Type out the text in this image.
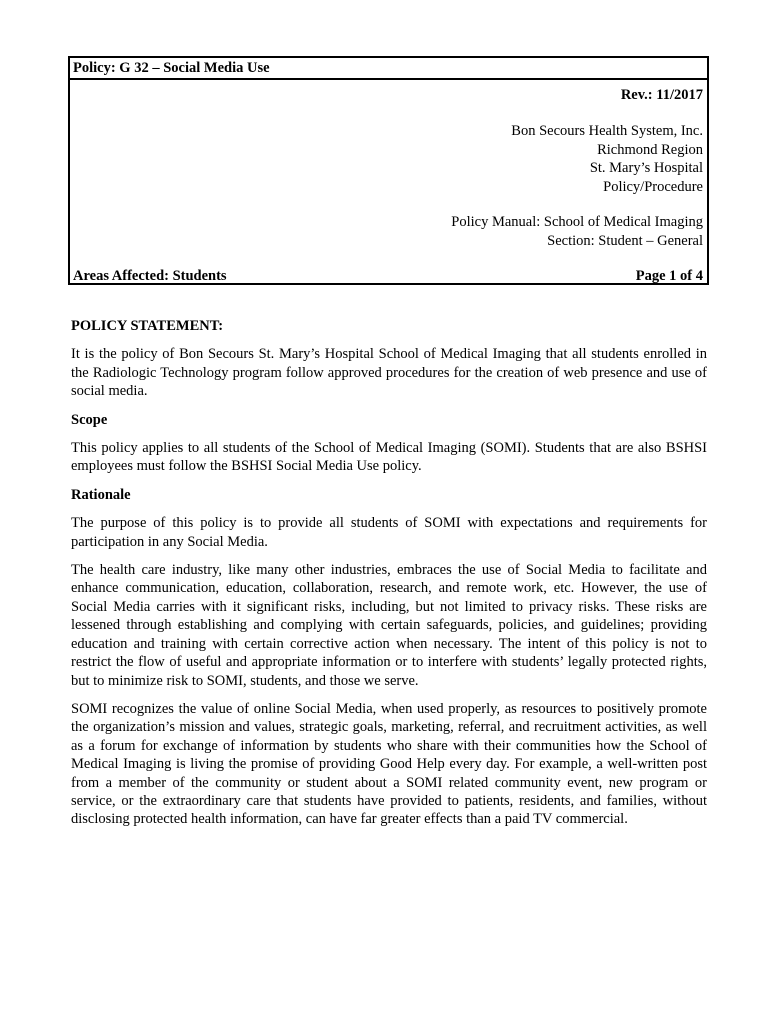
Policy: G 32 – Social Media Use
Rev.: 11/2017
Bon Secours Health System, Inc.
Richmond Region
St. Mary’s Hospital
Policy/Procedure
Policy Manual: School of Medical Imaging
Section: Student – General
Areas Affected: Students	Page 1 of 4
POLICY STATEMENT:

It is the policy of Bon Secours St. Mary’s Hospital School of Medical Imaging that all students enrolled in the Radiologic Technology program follow approved procedures for the creation of web presence and use of social media.

Scope

This policy applies to all students of the School of Medical Imaging (SOMI). Students that are also BSHSI employees must follow the BSHSI Social Media Use policy.

Rationale

The purpose of this policy is to provide all students of SOMI with expectations and requirements for participation in any Social Media.

The health care industry, like many other industries, embraces the use of Social Media to facilitate and enhance communication, education, collaboration, research, and remote work, etc. However, the use of Social Media carries with it significant risks, including, but not limited to privacy risks. These risks are lessened through establishing and complying with certain safeguards, policies, and guidelines; providing education and training with certain corrective action when necessary. The intent of this policy is not to restrict the flow of useful and appropriate information or to interfere with students’ legally protected rights, but to minimize risk to SOMI, students, and those we serve.

SOMI recognizes the value of online Social Media, when used properly, as resources to positively promote the organization’s mission and values, strategic goals, marketing, referral, and recruitment activities, as well as a forum for exchange of information by students who share with their communities how the School of Medical Imaging is living the promise of providing Good Help every day. For example, a well-written post from a member of the community or student about a SOMI related community event, new program or service, or the extraordinary care that students have provided to patients, residents, and families, without disclosing protected health information, can have far greater effects than a paid TV commercial.
